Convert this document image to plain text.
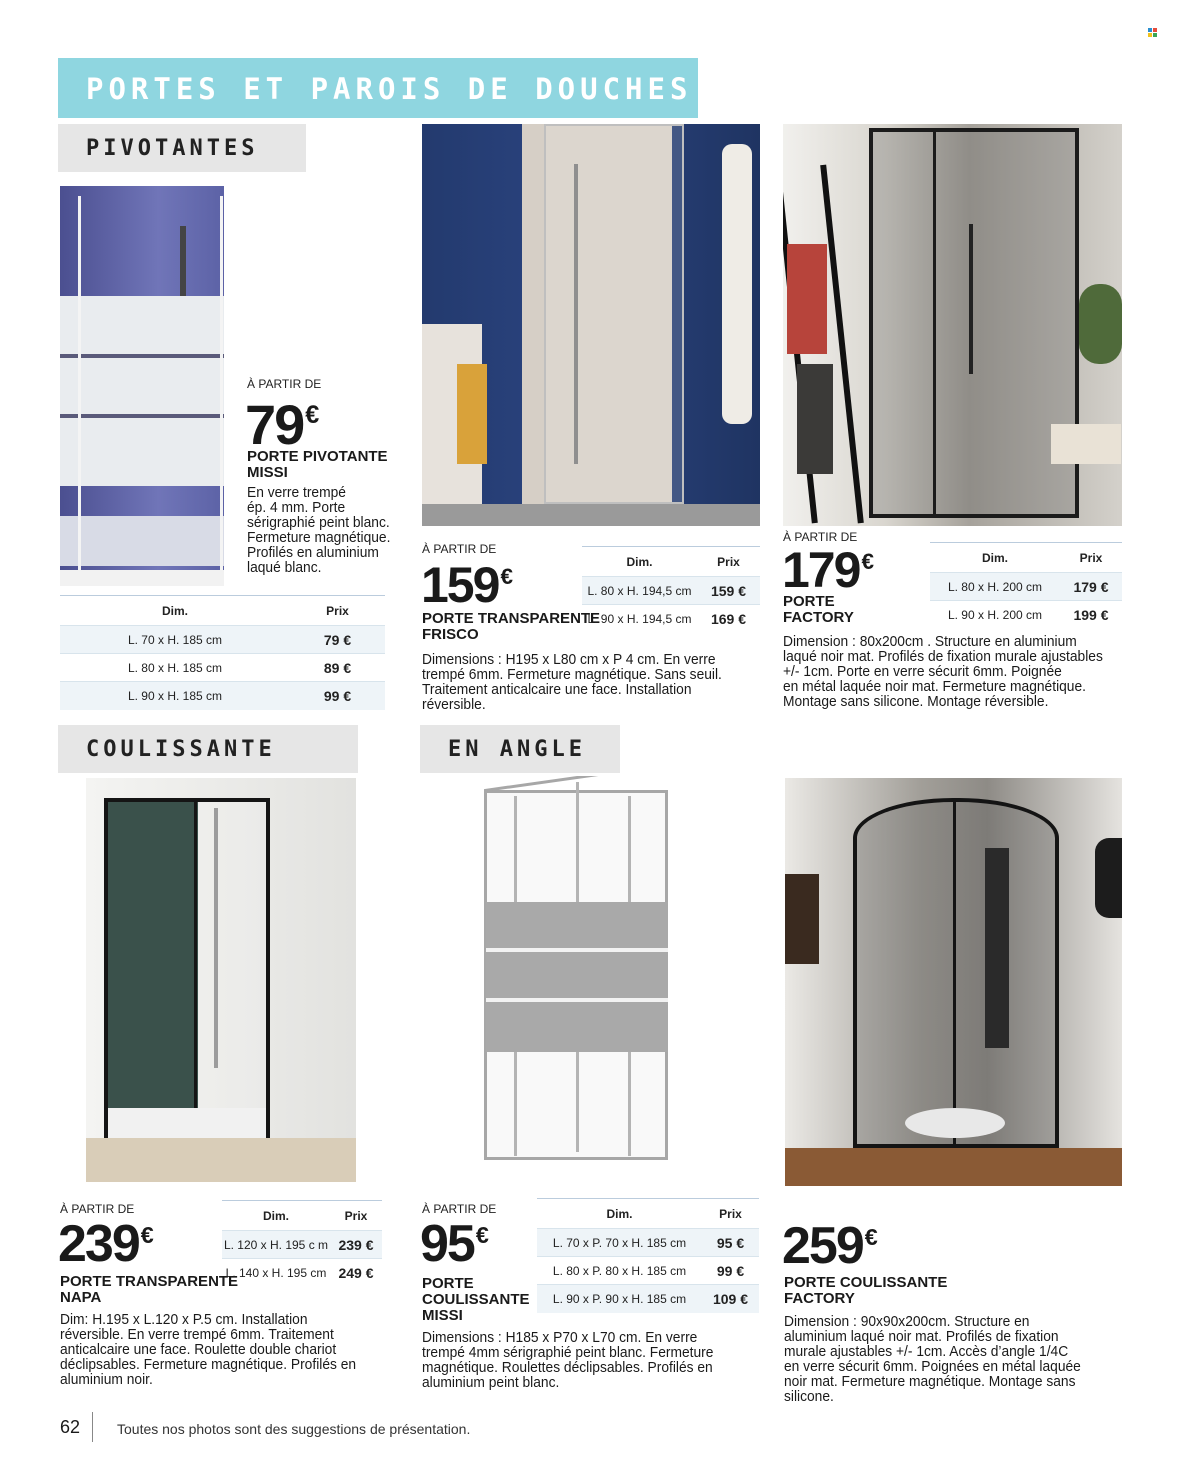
PORTES ET PAROIS DE DOUCHES
PIVOTANTES
COULISSANTE	EN ANGLE
À PARTIR DE
79€
PORTE PIVOTANTE
MISSI
En verre trempé
ép. 4 mm. Porte
sérigraphié peint blanc.
Fermeture magnétique.
Profilés en aluminium
laqué blanc.
Dim.	Prix
L. 70 x H. 185 cm	79 €
L. 80 x H. 185 cm	89 €
L. 90 x H. 185 cm	99 €
À PARTIR DE
159€
PORTE TRANSPARENTE
FRISCO
Dimensions : H195 x L80 cm x P 4 cm. En verre
trempé 6mm. Fermeture magnétique. Sans seuil.
Traitement anticalcaire une face. Installation
réversible.
Dim.	Prix
L. 80 x H. 194,5 cm	159 €
L. 90 x H. 194,5 cm	169 €
À PARTIR DE
179€
PORTE
FACTORY
Dimension : 80x200cm . Structure en aluminium
laqué noir mat. Profilés de fixation murale ajustables
+/- 1cm. Porte en verre sécurit 6mm. Poignée
en métal laquée noir mat. Fermeture magnétique.
Montage sans silicone. Montage réversible.
Dim.	Prix
L. 80 x H. 200 cm	179 €
L. 90 x H. 200 cm	199 €
À PARTIR DE
239€
PORTE TRANSPARENTE
NAPA
Dim: H.195 x L.120 x P.5 cm. Installation
réversible. En verre trempé 6mm. Traitement
anticalcaire une face. Roulette double chariot
déclipsables. Fermeture magnétique. Profilés en
aluminium noir.
Dim.	Prix
L. 120 x H. 195 c m	239 €
L. 140 x H. 195 cm	249 €
À PARTIR DE
95€
PORTE
COULISSANTE
MISSI
Dimensions : H185 x P70 x L70 cm. En verre
trempé 4mm sérigraphié peint blanc. Fermeture
magnétique. Roulettes déclipsables. Profilés en
aluminium peint blanc.
Dim.	Prix
L. 70 x P. 70 x H. 185 cm	95 €
L. 80 x P. 80 x H. 185 cm	99 €
L. 90 x P. 90 x H. 185 cm	109 €
259€
PORTE COULISSANTE
FACTORY
Dimension : 90x90x200cm. Structure en
aluminium laqué noir mat. Profilés de fixation
murale ajustables +/- 1cm. Accès d’angle 1/4C
en verre sécurit 6mm. Poignées en métal laquée
noir mat. Fermeture magnétique. Montage sans
silicone.
62	Toutes nos photos sont des suggestions de présentation.
